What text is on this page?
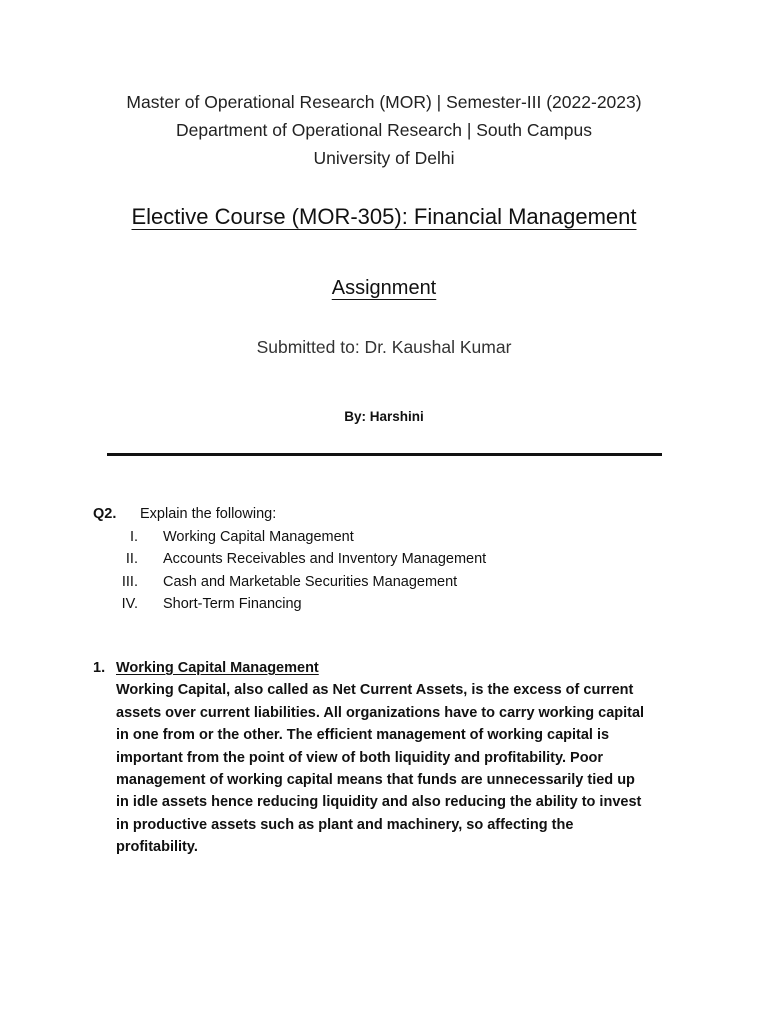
Master of Operational Research (MOR) | Semester-III (2022-2023)
Department of Operational Research | South Campus
University of Delhi
Elective Course (MOR-305): Financial Management
Assignment
Submitted to: Dr. Kaushal Kumar
By: Harshini
Q2. Explain the following:
I. Working Capital Management
II. Accounts Receivables and Inventory Management
III. Cash and Marketable Securities Management
IV. Short-Term Financing
1. Working Capital Management

Working Capital, also called as Net Current Assets, is the excess of current
assets over current liabilities. All organizations have to carry working capital
in one from or the other. The efficient management of working capital is
important from the point of view of both liquidity and profitability. Poor
management of working capital means that funds are unnecessarily tied up
in idle assets hence reducing liquidity and also reducing the ability to invest
in productive assets such as plant and machinery, so affecting the
profitability.
